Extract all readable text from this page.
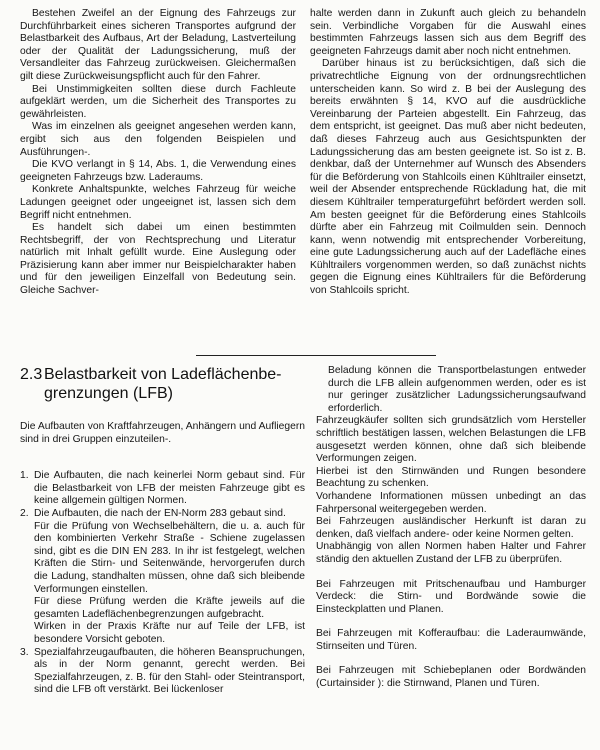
Bestehen Zweifel an der Eignung des Fahrzeugs zur Durchführbarkeit eines sicheren Transportes aufgrund der Belastbarkeit des Aufbaus, Art der Beladung, Lastverteilung oder der Qualität der Ladungssicherung, muß der Versandleiter das Fahrzeug zurückweisen. Gleichermaßen gilt diese Zurückweisungspflicht auch für den Fahrer.

Bei Unstimmigkeiten sollten diese durch Fachleute aufgeklärt werden, um die Sicherheit des Transportes zu gewährleisten.

Was im einzelnen als geeignet angesehen werden kann, ergibt sich aus den folgenden Beispielen und Ausführungen-.

Die KVO verlangt in § 14, Abs. 1, die Verwendung eines geeigneten Fahrzeugs bzw. Laderaums.

Konkrete Anhaltspunkte, welches Fahrzeug für weiche Ladungen geeignet oder ungeeignet ist, lassen sich dem Begriff nicht entnehmen.

Es handelt sich dabei um einen bestimmten Rechtsbegriff, der von Rechtsprechung und Literatur natürlich mit Inhalt gefüllt wurde. Eine Auslegung oder Präzisierung kann aber immer nur Beispielcharakter haben und für den jeweiligen Einzelfall von Bedeutung sein. Gleiche Sachver-

halte werden dann in Zukunft auch gleich zu behandeln sein. Verbindliche Vorgaben für die Auswahl eines bestimmten Fahrzeugs lassen sich aus dem Begriff des geeigneten Fahrzeugs damit aber noch nicht entnehmen.

Darüber hinaus ist zu berücksichtigen, daß sich die privatrechtliche Eignung von der ordnungsrechtlichen unterscheiden kann. So wird z. B bei der Auslegung des bereits erwähnten § 14, KVO auf die ausdrückliche Vereinbarung der Parteien abgestellt. Ein Fahrzeug, das dem entspricht, ist geeignet. Das muß aber nicht bedeuten, daß dieses Fahrzeug auch aus Gesichtspunkten der Ladungssicherung das am besten geeignete ist. So ist z. B. denkbar, daß der Unternehmer auf Wunsch des Absenders für die Beförderung von Stahlcoils einen Kühltrailer einsetzt, weil der Absender entsprechende Rückladung hat, die mit diesem Kühltrailer temperaturgeführt befördert werden soll. Am besten geeignet für die Beförderung eines Stahlcoils dürfte aber ein Fahrzeug mit Coilmulden sein. Dennoch kann, wenn notwendig mit entsprechender Vorbereitung, eine gute Ladungssicherung auch auf der Ladefläche eines Kühltrailers vorgenommen werden, so daß zunächst nichts gegen die Eignung eines Kühltrailers für die Beförderung von Stahlcoils spricht.

2.3 Belastbarkeit von Ladeflächenbe-
grenzungen (LFB)

Die Aufbauten von Kraftfahrzeugen, Anhängern und Aufliegern sind in drei Gruppen einzuteilen-.

1. Die Aufbauten, die nach keinerlei Norm gebaut sind. Für die Belastbarkeit von LFB der meisten Fahrzeuge gibt es keine allgemein gültigen Normen.

2. Die Aufbauten, die nach der EN-Norm 283 gebaut sind.

Für die Prüfung von Wechselbehältern, die u. a. auch für den kombinierten Verkehr Straße - Schiene zugelassen sind, gibt es die DIN EN 283. In ihr ist festgelegt, welchen Kräften die Stirn- und Seitenwände, hervorgerufen durch die Ladung, standhalten müssen, ohne daß sich bleibende Verformungen einstellen.

Für diese Prüfung werden die Kräfte jeweils auf die gesamten Ladeflächenbegrenzungen aufgebracht.

Wirken in der Praxis Kräfte nur auf Teile der LFB, ist besondere Vorsicht geboten.

3. Spezialfahrzeugaufbauten, die höheren Beanspruchungen, als in der Norm genannt, gerecht werden. Bei Spezialfahrzeugen, z. B. für den Stahl- oder Steintransport, sind die LFB oft verstärkt. Bei lückenloser

Beladung können die Transportbelastungen entweder durch die LFB allein aufgenommen werden, oder es ist nur geringer zusätzlicher Ladungssicherungsaufwand erforderlich.

Fahrzeugkäufer sollten sich grundsätzlich vom Hersteller schriftlich bestätigen lassen, welchen Belastungen die LFB ausgesetzt werden können, ohne daß sich bleibende Verformungen zeigen.

Hierbei ist den Stirnwänden und Rungen besondere Beachtung zu schenken.

Vorhandene Informationen müssen unbedingt an das Fahrpersonal weitergegeben werden.

Bei Fahrzeugen ausländischer Herkunft ist daran zu denken, daß vielfach andere- oder keine Normen gelten.

Unabhängig von allen Normen haben Halter und Fahrer ständig den aktuellen Zustand der LFB zu überprüfen.

Bei Fahrzeugen mit Pritschenaufbau und Hamburger Verdeck: die Stirn- und Bordwände sowie die Einsteckplatten und Planen.

Bei Fahrzeugen mit Kofferaufbau: die Laderaumwände, Stirnseiten und Türen.

Bei Fahrzeugen mit Schiebeplanen oder Bordwänden (Curtainsider ): die Stirnwand, Planen und Türen.
